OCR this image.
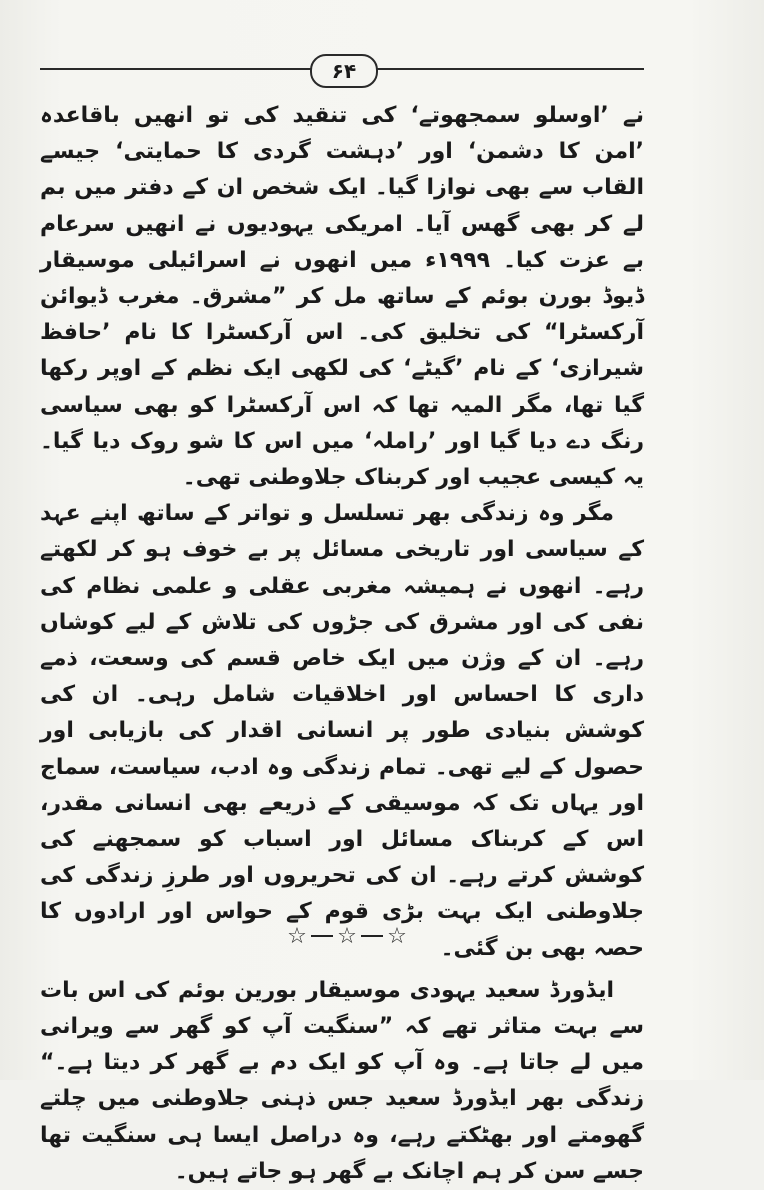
۶۴

نے ’اوسلو سمجھوتے‘ کی تنقید کی تو انھیں باقاعدہ ’امن کا دشمن‘ اور ’دہشت گردی کا حمایتی‘ جیسے القاب سے بھی نوازا گیا۔ ایک شخص ان کے دفتر میں بم لے کر بھی گھس آیا۔ امریکی یہودیوں نے انھیں سرعام بے عزت کیا۔ ۱۹۹۹ء میں انھوں نے اسرائیلی موسیقار ڈیوڈ بورن بوئم کے ساتھ مل کر ”مشرق۔ مغرب ڈیوائن آرکسٹرا“ کی تخلیق کی۔ اس آرکسٹرا کا نام ’حافظ شیرازی‘ کے نام ’گیٹے‘ کی لکھی ایک نظم کے اوپر رکھا گیا تھا، مگر المیہ تھا کہ اس آرکسٹرا کو بھی سیاسی رنگ دے دیا گیا اور ’راملہ‘ میں اس کا شو روک دیا گیا۔ یہ کیسی عجیب اور کربناک جلاوطنی تھی۔

مگر وہ زندگی بھر تسلسل و تواتر کے ساتھ اپنے عہد کے سیاسی اور تاریخی مسائل پر بے خوف ہو کر لکھتے رہے۔ انھوں نے ہمیشہ مغربی عقلی و علمی نظام کی نفی کی اور مشرق کی جڑوں کی تلاش کے لیے کوشاں رہے۔ ان کے وژن میں ایک خاص قسم کی وسعت، ذمے داری کا احساس اور اخلاقیات شامل رہی۔ ان کی کوشش بنیادی طور پر انسانی اقدار کی بازیابی اور حصول کے لیے تھی۔ تمام زندگی وہ ادب، سیاست، سماج اور یہاں تک کہ موسیقی کے ذریعے بھی انسانی مقدر، اس کے کربناک مسائل اور اسباب کو سمجھنے کی کوشش کرتے رہے۔ ان کی تحریروں اور طرزِ زندگی کی جلاوطنی ایک بہت بڑی قوم کے حواس اور ارادوں کا حصہ بھی بن گئی۔

ایڈورڈ سعید یہودی موسیقار بورین بوئم کی اس بات سے بہت متاثر تھے کہ ”سنگیت آپ کو گھر سے ویرانی میں لے جاتا ہے۔ وہ آپ کو ایک دم بے گھر کر دیتا ہے۔“ زندگی بھر ایڈورڈ سعید جس ذہنی جلاوطنی میں چلتے گھومتے اور بھٹکتے رہے، وہ دراصل ایسا ہی سنگیت تھا جسے سن کر ہم اچانک بے گھر ہو جاتے ہیں۔

☆ ☆ ☆
